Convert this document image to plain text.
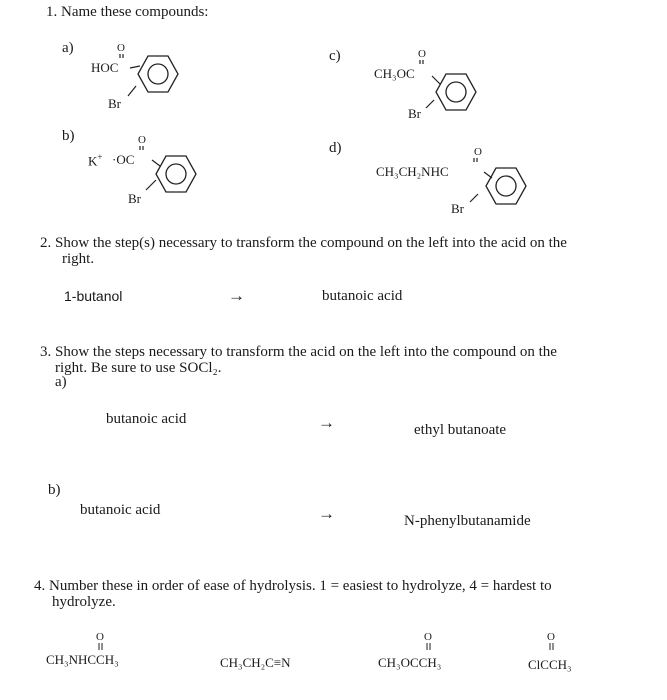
1. Name these compounds:
a)
HOC
O
Br
b)
K+ ·OC
O
Br
c)
CH₃OC
O
Br
d)
CH₃CH₂NHC
O
Br
2. Show the step(s) necessary to transform the compound on the left into the acid on the
right.
1-butanol	→	butanoic acid
3. Show the steps necessary to transform the acid on the left into the compound on the
right. Be sure to use SOCl₂.
a)
butanoic acid	→	ethyl butanoate
b)
butanoic acid	→	N-phenylbutanamide
4. Number these in order of ease of hydrolysis. 1 = easiest to hydrolyze, 4 = hardest to
hydrolyze.
O
CH₃NHCCH₃	CH₃CH₂C≡N
O
CH₃OCCH₃
O
ClCCH₃
